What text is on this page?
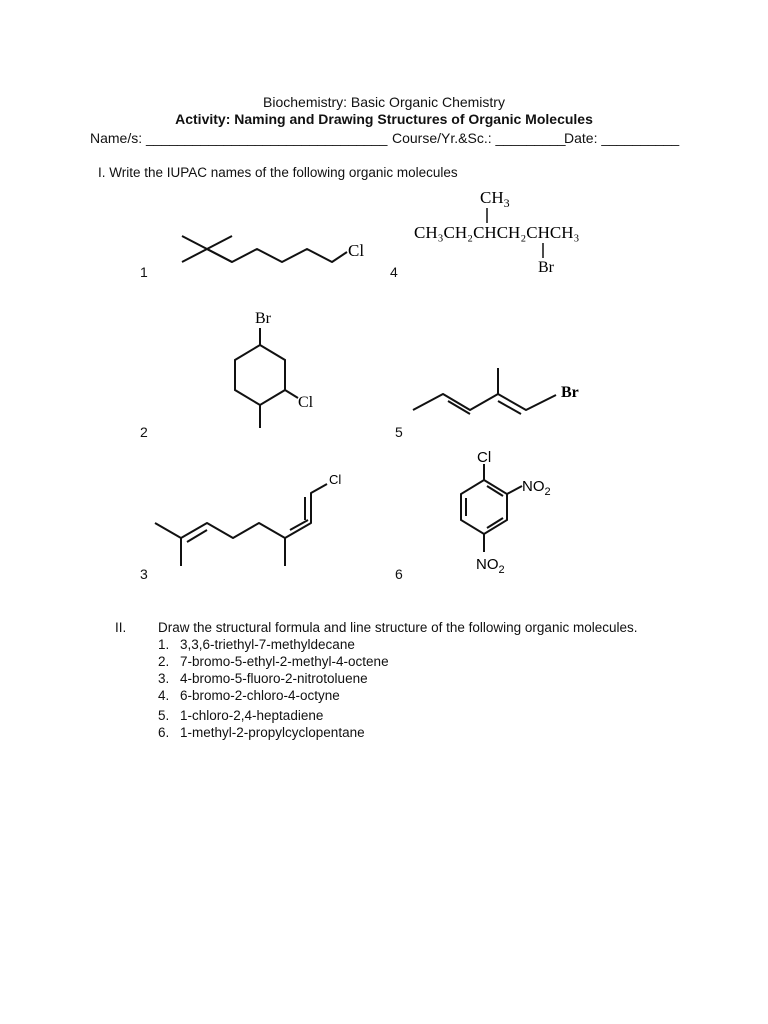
Biochemistry: Basic Organic Chemistry
Activity: Naming and Drawing Structures of Organic Molecules
Name/s: _______________________________ Course/Yr.&Sc.: _________
Date: __________
I. Write the IUPAC names of the following organic molecules
1
2
3
4
5
6
Cl
Br
Cl
Cl
$CH_3$
CH₃CH₂CHCH₂CHCH₃
Br
Br
Cl
$NO_2$
$NO_2$
II. Draw the structural formula and line structure of the following organic molecules.
1. 3,3,6-triethyl-7-methyldecane
2. 7-bromo-5-ethyl-2-methyl-4-octene
3. 4-bromo-5-fluoro-2-nitrotoluene
4. 6-bromo-2-chloro-4-octyne
5. 1-chloro-2,4-heptadiene
6. 1-methyl-2-propylcyclopentane
